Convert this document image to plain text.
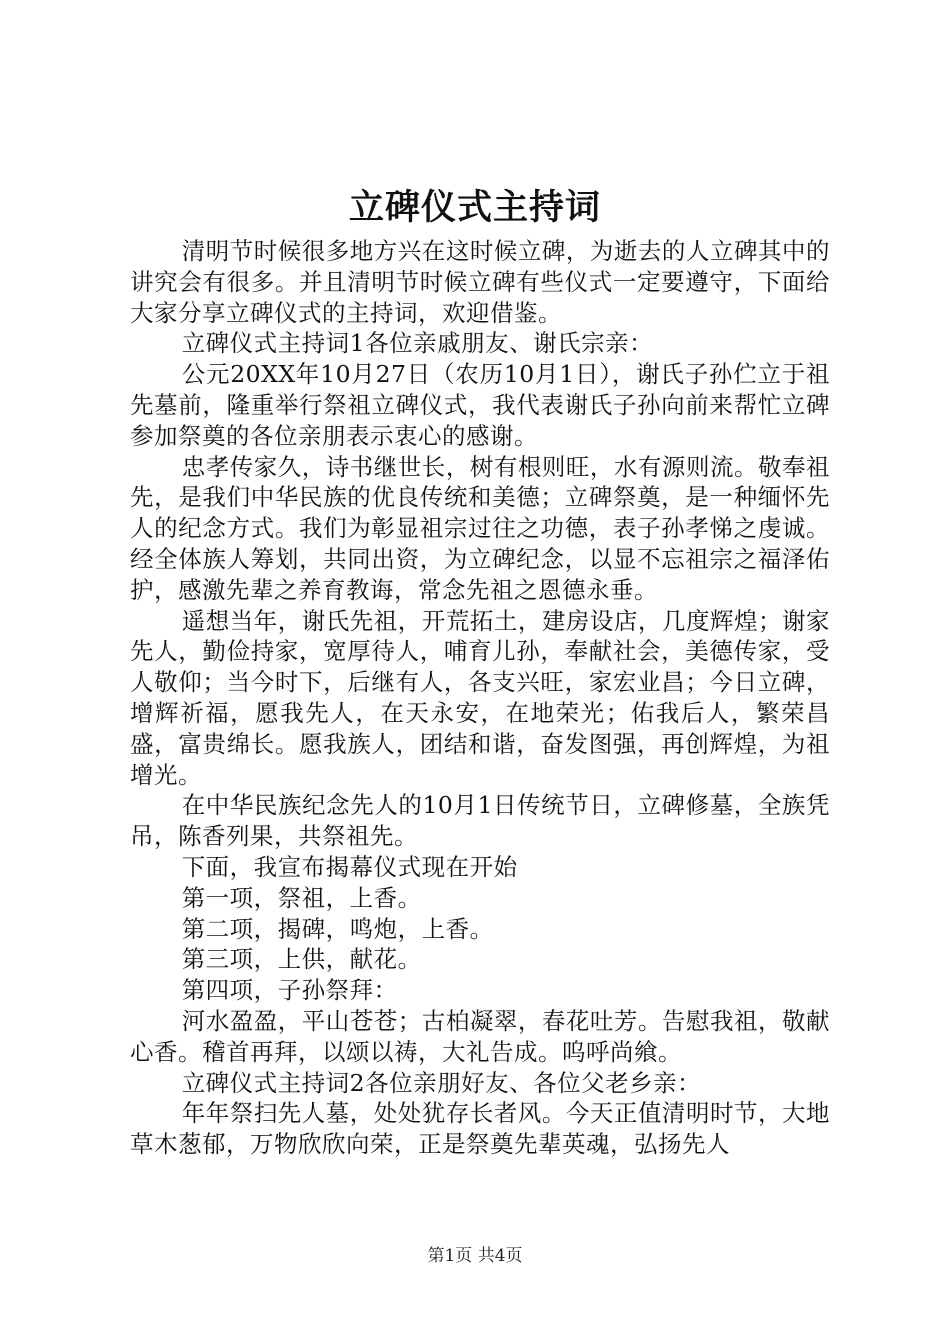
立碑仪式主持词

清明节时候很多地方兴在这时候立碑，为逝去的人立碑其中的讲究会有很多。并且清明节时候立碑有些仪式一定要遵守，下面给大家分享立碑仪式的主持词，欢迎借鉴。

立碑仪式主持词1各位亲戚朋友、谢氏宗亲：

公元20XX年10月27日（农历10月1日），谢氏子孙伫立于祖先墓前，隆重举行祭祖立碑仪式，我代表谢氏子孙向前来帮忙立碑参加祭奠的各位亲朋表示衷心的感谢。

忠孝传家久，诗书继世长，树有根则旺，水有源则流。敬奉祖先，是我们中华民族的优良传统和美德；立碑祭奠，是一种缅怀先人的纪念方式。我们为彰显祖宗过往之功德，表子孙孝悌之虔诚。经全体族人筹划，共同出资，为立碑纪念，以显不忘祖宗之福泽佑护，感激先辈之养育教诲，常念先祖之恩德永垂。

遥想当年，谢氏先祖，开荒拓土，建房设店，几度辉煌；谢家先人，勤俭持家，宽厚待人，哺育儿孙，奉献社会，美德传家，受人敬仰；当今时下，后继有人，各支兴旺，家宏业昌；今日立碑，增辉祈福，愿我先人，在天永安，在地荣光；佑我后人，繁荣昌盛，富贵绵长。愿我族人，团结和谐，奋发图强，再创辉煌，为祖增光。

在中华民族纪念先人的10月1日传统节日，立碑修墓，全族凭吊，陈香列果，共祭祖先。

下面，我宣布揭幕仪式现在开始

第一项，祭祖，上香。

第二项，揭碑，鸣炮，上香。

第三项，上供，献花。

第四项，子孙祭拜：

河水盈盈，平山苍苍；古柏凝翠，春花吐芳。告慰我祖，敬献心香。稽首再拜，以颂以祷，大礼告成。呜呼尚飨。

立碑仪式主持词2各位亲朋好友、各位父老乡亲：

年年祭扫先人墓，处处犹存长者风。今天正值清明时节，大地草木葱郁，万物欣欣向荣，正是祭奠先辈英魂，弘扬先人

第1页 共4页
